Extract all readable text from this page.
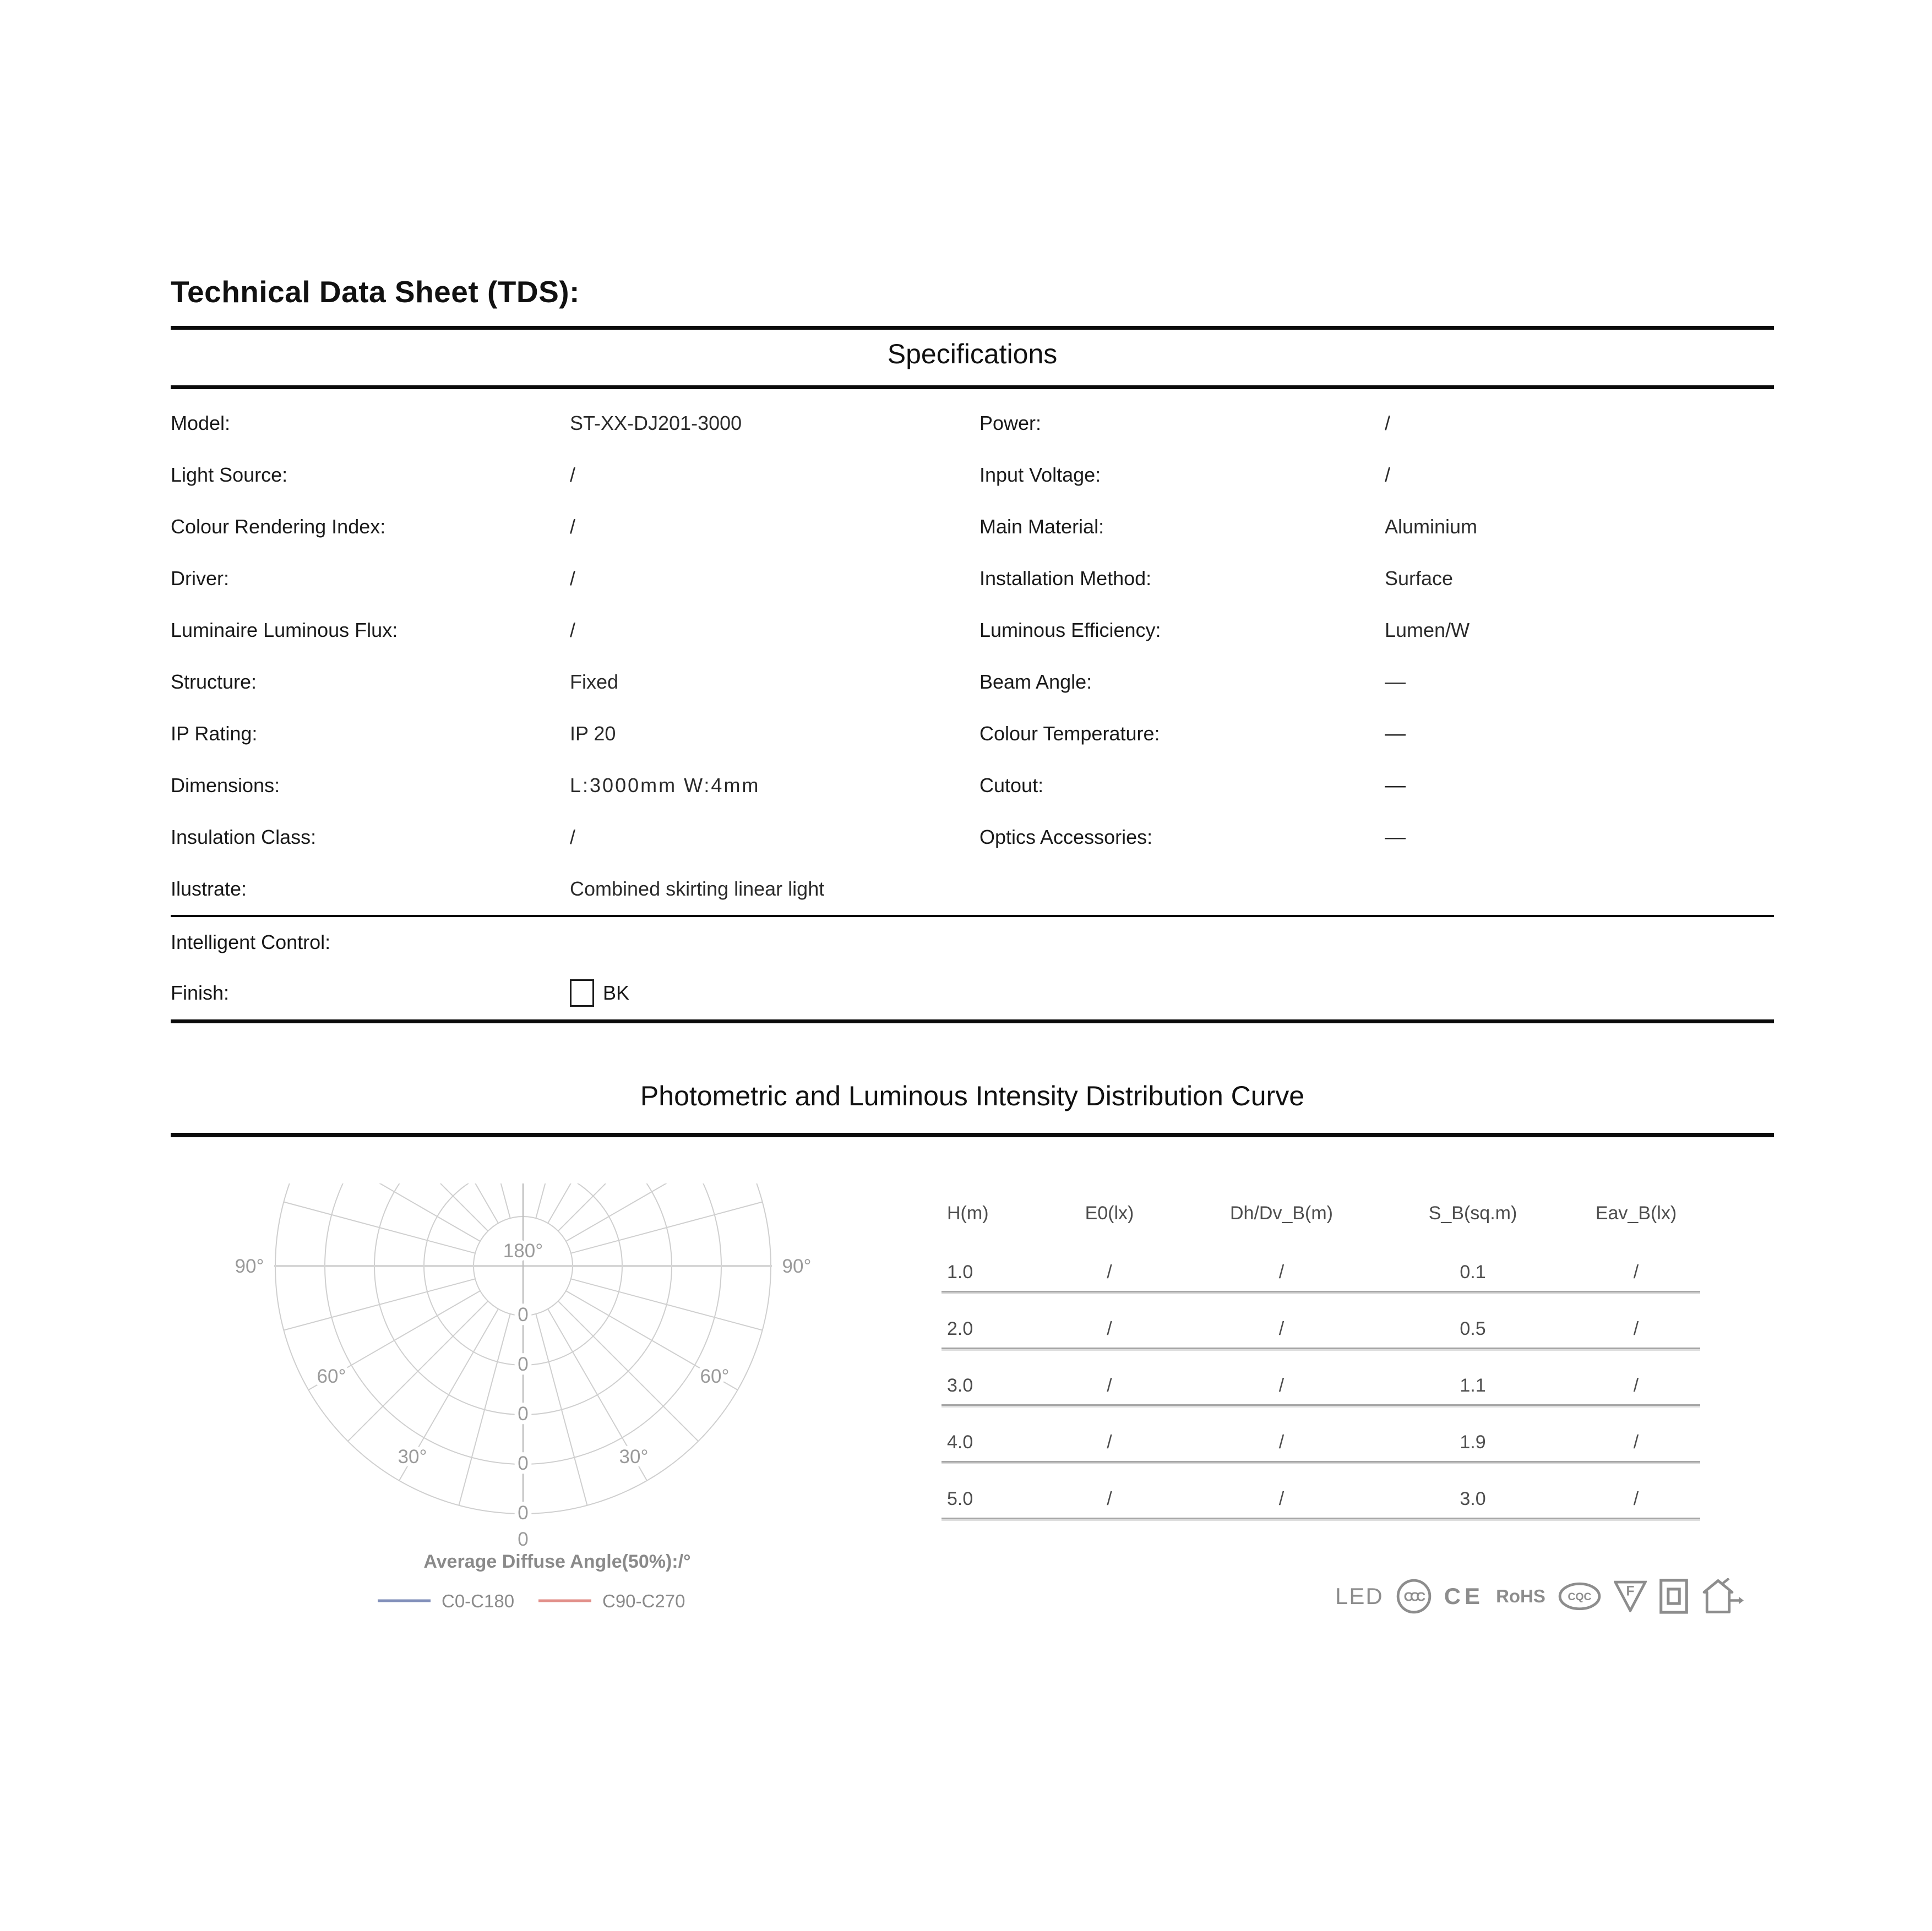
Technical Data Sheet (TDS):
Specifications
Model:	ST-XX-DJ201-3000	Power:	/
Light Source:	/	Input Voltage:	/
Colour Rendering Index:	/	Main Material:	Aluminium
Driver:	/	Installation Method:	Surface
Luminaire Luminous Flux:	/	Luminous Efficiency:	Lumen/W
Structure:	Fixed	Beam Angle:	—
IP Rating:	IP 20	Colour Temperature:	—
Dimensions:	L:3000mm W:4mm	Cutout:	—
Insulation Class:	/	Optics Accessories:	—
Ilustrate:	Combined skirting linear light
Intelligent Control:
Finish:	BK
Photometric and Luminous Intensity Distribution Curve
180°
90°	90°
60°	60°
30°	30°
0
0
0
0
0
0
Average Diffuse Angle(50%):/°
C0-C180	C90-C270
H(m)	E0(lx)	Dh/Dv_B(m)	S_B(sq.m)	Eav_B(lx)
1.0	/	/	0.1	/
2.0	/	/	0.5	/
3.0	/	/	1.1	/
4.0	/	/	1.9	/
5.0	/	/	3.0	/
LED CCC CE RoHS	CQC	F
